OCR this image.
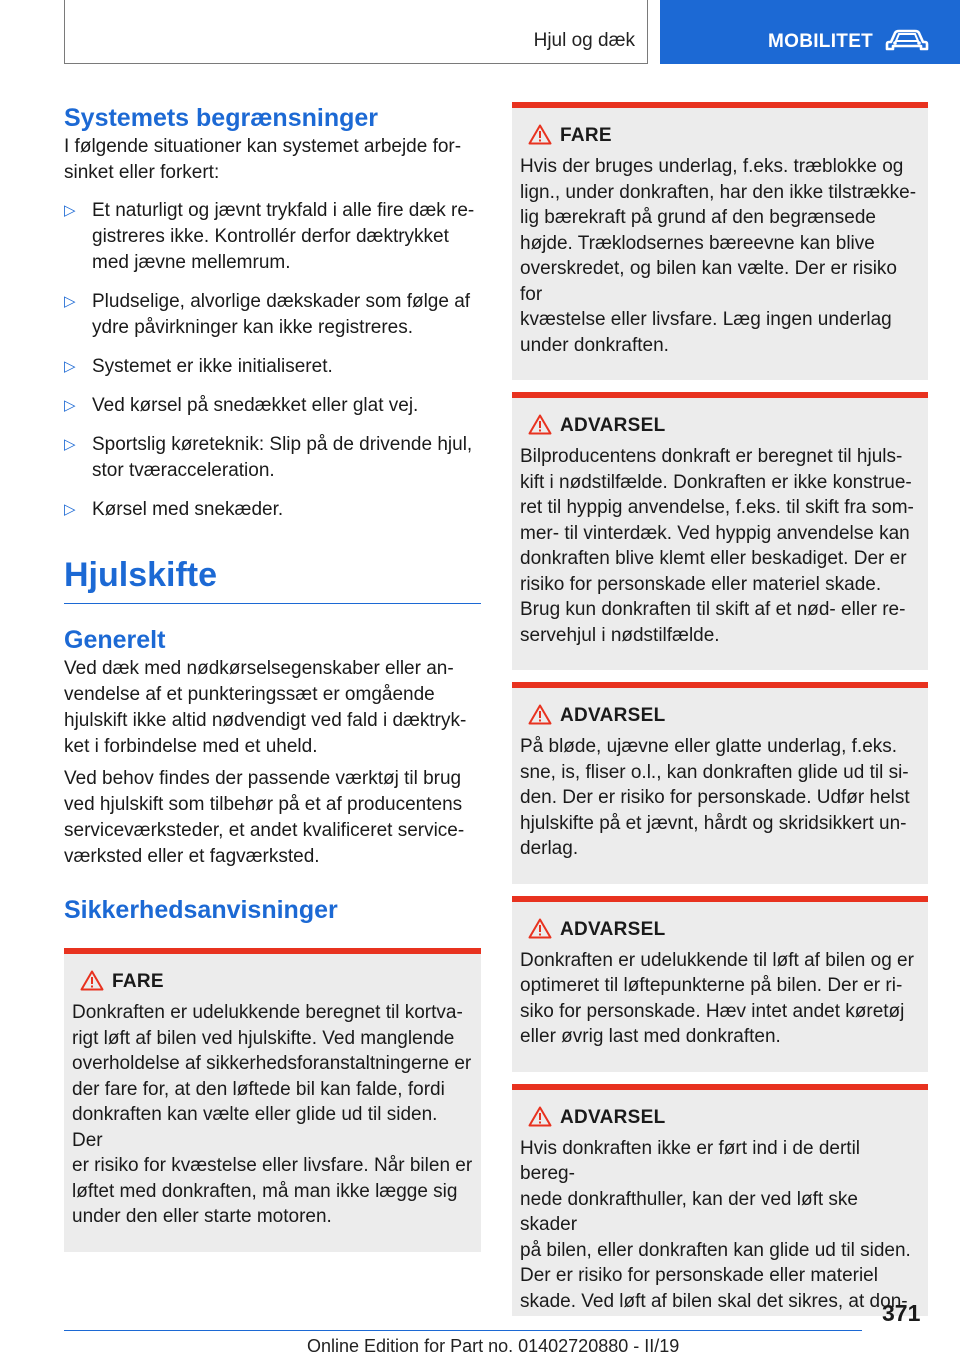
Hjul og dæk	MOBILITET
Systemets begrænsninger

I følgende situationer kan systemet arbejde for-
sinket eller forkert:

▷ Et naturligt og jævnt trykfald i alle fire dæk re-
gistreres ikke. Kontrollér derfor dæktrykket
med jævne mellemrum.
▷ Pludselige, alvorlige dækskader som følge af
ydre påvirkninger kan ikke registreres.
▷ Systemet er ikke initialiseret.
▷ Ved kørsel på snedækket eller glat vej.
▷ Sportslig køreteknik: Slip på de drivende hjul,
stor tværacceleration.
▷ Kørsel med snekæder.
Hjulskifte
Generelt

Ved dæk med nødkørselsegenskaber eller an-
vendelse af et punkteringssæt er omgående
hjulskift ikke altid nødvendigt ved fald i dæktryk-
ket i forbindelse med et uheld.

Ved behov findes der passende værktøj til brug
ved hjulskift som tilbehør på et af producentens
serviceværksteder, et andet kvalificeret service-
værksted eller et fagværksted.

Sikkerhedsanvisninger
FARE

Donkraften er udelukkende beregnet til kortva-
rigt løft af bilen ved hjulskifte. Ved manglende
overholdelse af sikkerhedsforanstaltningerne er
der fare for, at den løftede bil kan falde, fordi
donkraften kan vælte eller glide ud til siden. Der
er risiko for kvæstelse eller livsfare. Når bilen er
løftet med donkraften, må man ikke lægge sig
under den eller starte motoren.

FARE

Hvis der bruges underlag, f.eks. træblokke og
lign., under donkraften, har den ikke tilstrække-
lig bærekraft på grund af den begrænsede
højde. Træklodsernes bæreevne kan blive
overskredet, og bilen kan vælte. Der er risiko for
kvæstelse eller livsfare. Læg ingen underlag
under donkraften.

ADVARSEL

Bilproducentens donkraft er beregnet til hjuls-
kift i nødstilfælde. Donkraften er ikke konstrue-
ret til hyppig anvendelse, f.eks. til skift fra som-
mer- til vinterdæk. Ved hyppig anvendelse kan
donkraften blive klemt eller beskadiget. Der er
risiko for personskade eller materiel skade.
Brug kun donkraften til skift af et nød- eller re-
servehjul i nødstilfælde.

ADVARSEL

På bløde, ujævne eller glatte underlag, f.eks.
sne, is, fliser o.l., kan donkraften glide ud til si-
den. Der er risiko for personskade. Udfør helst
hjulskifte på et jævnt, hårdt og skridsikkert un-
derlag.

ADVARSEL

Donkraften er udelukkende til løft af bilen og er
optimeret til løftepunkterne på bilen. Der er ri-
siko for personskade. Hæv intet andet køretøj
eller øvrig last med donkraften.

ADVARSEL

Hvis donkraften ikke er ført ind i de dertil bereg-
nede donkrafthuller, kan der ved løft ske skader
på bilen, eller donkraften kan glide ud til siden.
Der er risiko for personskade eller materiel
skade. Ved løft af bilen skal det sikres, at don-

371
Online Edition for Part no. 01402720880 - II/19
